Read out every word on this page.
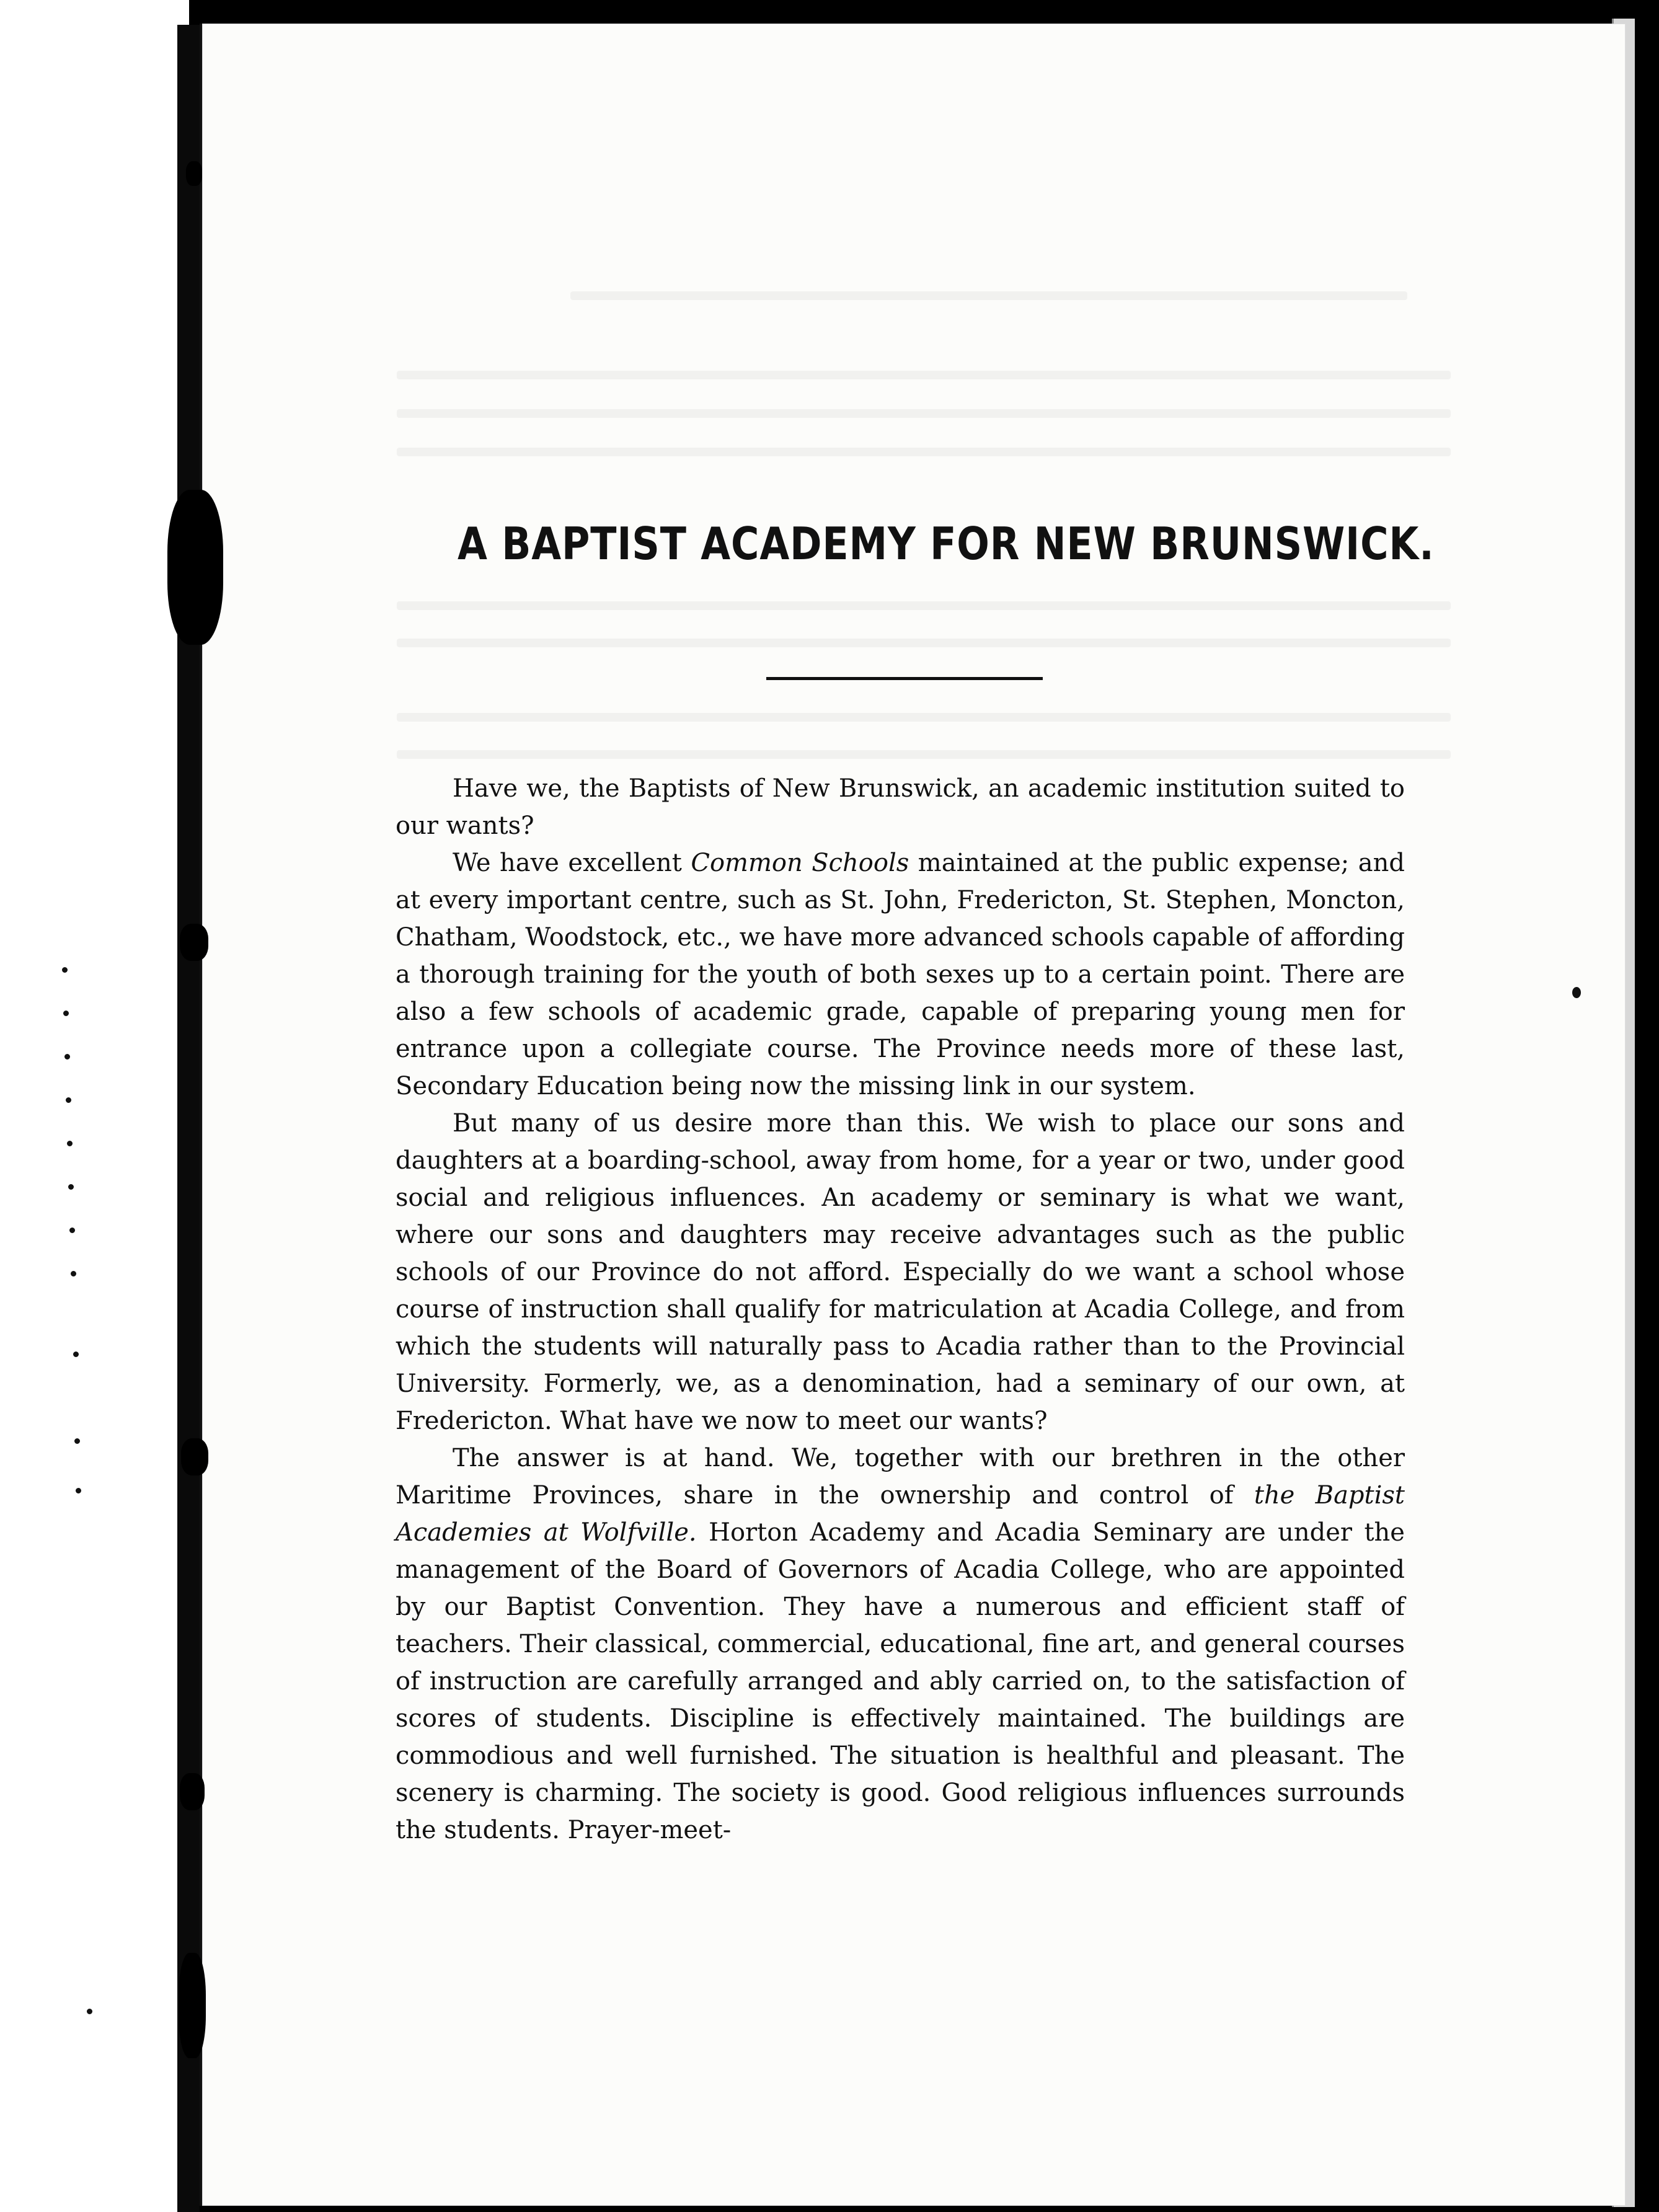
A BAPTIST ACADEMY FOR NEW BRUNSWICK.

Have we, the Baptists of New Brunswick, an academic institution suited to our wants?

We have excellent Common Schools maintained at the public expense; and at every important centre, such as St. John, Fredericton, St. Stephen, Moncton, Chatham, Woodstock, etc., we have more advanced schools capable of affording a thorough training for the youth of both sexes up to a certain point. There are also a few schools of academic grade, capable of preparing young men for entrance upon a collegiate course. The Province needs more of these last, Secondary Education being now the missing link in our system.

But many of us desire more than this. We wish to place our sons and daughters at a boarding-school, away from home, for a year or two, under good social and religious influences. An academy or seminary is what we want, where our sons and daughters may receive advantages such as the public schools of our Province do not afford. Especially do we want a school whose course of instruction shall qualify for matriculation at Acadia College, and from which the students will naturally pass to Acadia rather than to the Provincial University. Formerly, we, as a denomination, had a seminary of our own, at Fredericton. What have we now to meet our wants?

The answer is at hand. We, together with our brethren in the other Maritime Provinces, share in the ownership and control of the Baptist Academies at Wolfville. Horton Academy and Acadia Seminary are under the management of the Board of Governors of Acadia College, who are appointed by our Baptist Convention. They have a numerous and efficient staff of teachers. Their classical, commercial, educational, fine art, and general courses of instruction are carefully arranged and ably carried on, to the satisfaction of scores of students. Discipline is effectively maintained. The buildings are commodious and well furnished. The situation is healthful and pleasant. The scenery is charming. The society is good. Good religious influences surrounds the students. Prayer-meet-
